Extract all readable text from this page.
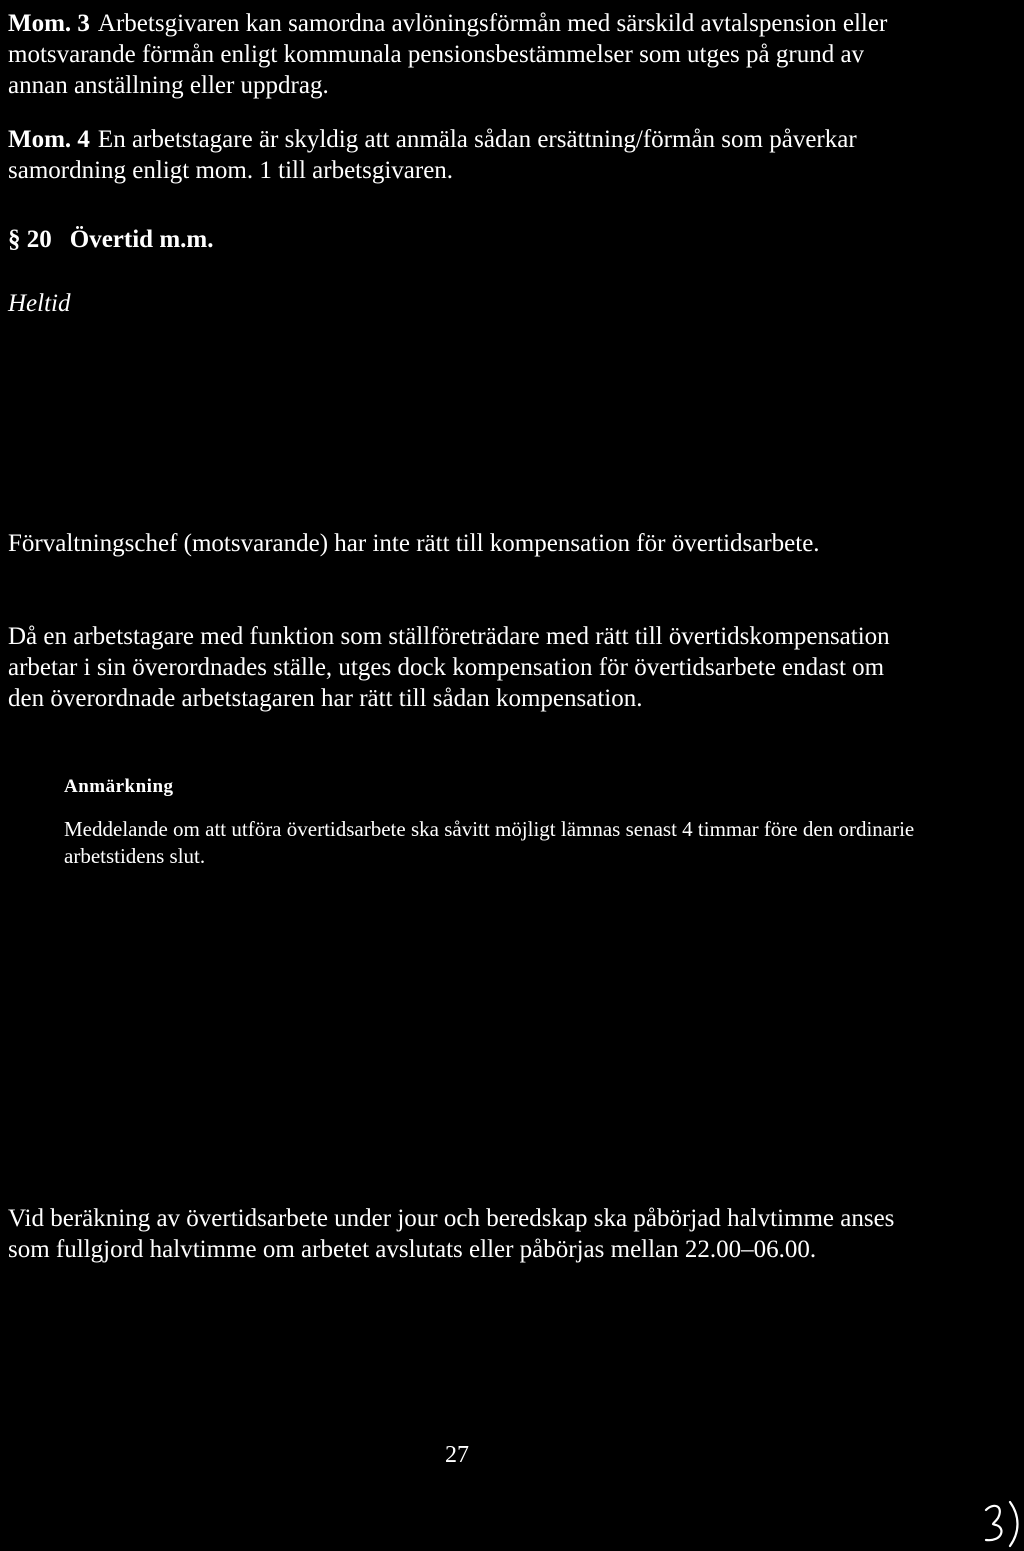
Mom. 3 Arbetsgivaren kan samordna avlöningsförmån med särskild avtalspension eller motsvarande förmån enligt kommunala pensionsbestämmelser som utges på grund av annan anställning eller uppdrag.

Mom. 4 En arbetstagare är skyldig att anmäla sådan ersättning/förmån som påverkar samordning enligt mom. 1 till arbetsgivaren.

§ 20 Övertid m.m.

Heltid

Förvaltningschef (motsvarande) har inte rätt till kompensation för övertidsarbete.

Då en arbetstagare med funktion som ställföreträdare med rätt till övertidskompensation arbetar i sin överordnades ställe, utges dock kompensation för övertidsarbete endast om den överordnade arbetstagaren har rätt till sådan kompensation.

Anmärkning

Meddelande om att utföra övertidsarbete ska såvitt möjligt lämnas senast 4 timmar före den ordinarie arbetstidens slut.

Vid beräkning av övertidsarbete under jour och beredskap ska påbörjad halvtimme anses som fullgjord halvtimme om arbetet avslutats eller påbörjas mellan 22.00–06.00.

27
